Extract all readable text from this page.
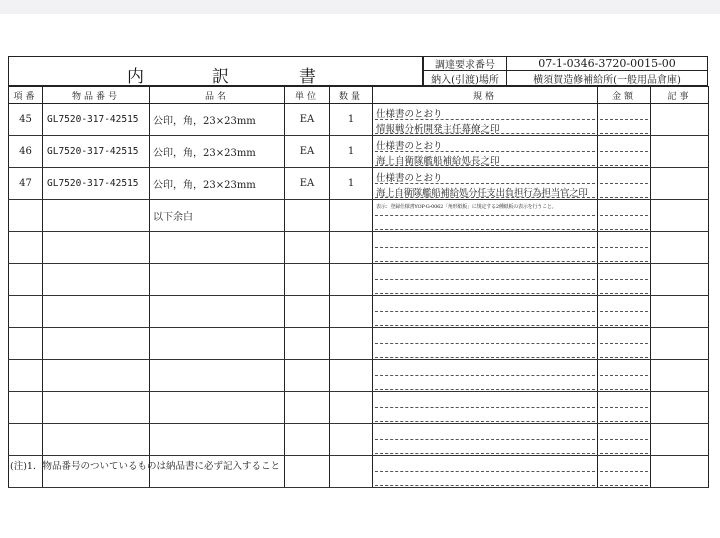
内	訳	書
調達要求番号	07-1-0346-3720-0015-00
納入(引渡)場所	横須賀造修補給所(一般用品倉庫)
項番	物品番号	品名	単位	数量	規格	金額	記事
45	GL7520-317-42515	公印，角，23×23mm	EA	1	仕様書のとおり
情報戦分析開発主任幕僚之印		

46	GL7520-317-42515	公印，角，23×23mm	EA	1	仕様書のとおり
海上自衛隊艦船補給処長之印		

47	GL7520-317-42515	公印，角，23×23mm	EA	1	仕様書のとおり
海上自衛隊艦船補給処分任支出負担行為担当官之印		

		以下余白			表示：登録仕様書YOP-G-0062「角形紙板」に規定する2種紙板の表示を行うこと。		

(注)1．物品番号のついているものは納品書に必ず記入すること
